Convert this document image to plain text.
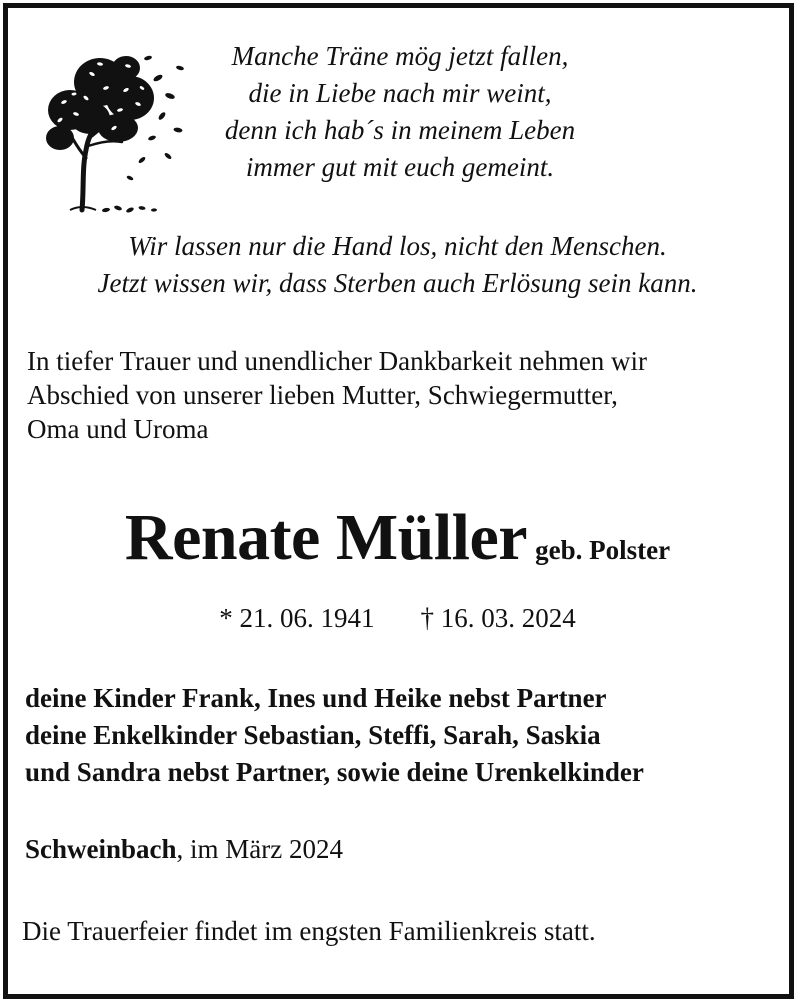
Manche Träne mög jetzt fallen,
die in Liebe nach mir weint,
denn ich hab´s in meinem Leben
immer gut mit euch gemeint.
Wir lassen nur die Hand los, nicht den Menschen.
Jetzt wissen wir, dass Sterben auch Erlösung sein kann.
In tiefer Trauer und unendlicher Dankbarkeit nehmen wir
Abschied von unserer lieben Mutter, Schwiegermutter,
Oma und Uroma
Renate Müller geb. Polster
* 21. 06. 1941 † 16. 03. 2024
deine Kinder Frank, Ines und Heike nebst Partner
deine Enkelkinder Sebastian, Steffi, Sarah, Saskia
und Sandra nebst Partner, sowie deine Urenkelkinder
Schweinbach, im März 2024
Die Trauerfeier findet im engsten Familienkreis statt.
